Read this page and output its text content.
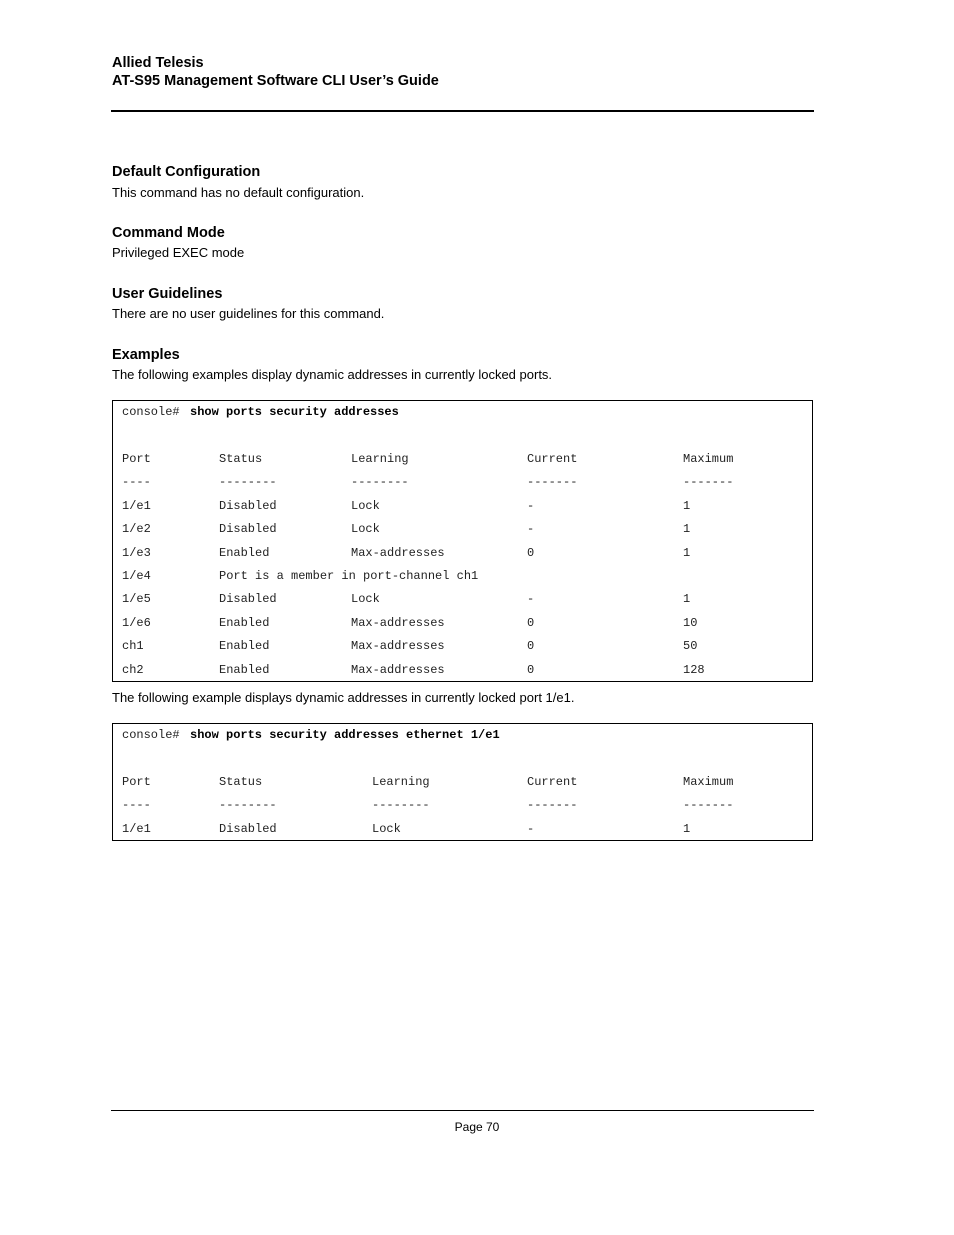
Allied Telesis
AT-S95 Management Software CLI User’s Guide
Default Configuration
This command has no default configuration.
Command Mode
Privileged EXEC mode
User Guidelines
There are no user guidelines for this command.
Examples
The following examples display dynamic addresses in currently locked ports.
console# show ports security addresses
Port	Status	Learning	Current	Maximum
----	--------	--------	-------	-------
1/e1	Disabled	Lock	-	1
1/e2	Disabled	Lock	-	1
1/e3	Enabled	Max-addresses	0	1
1/e4	Port is a member in port-channel ch1
1/e5	Disabled	Lock	-	1
1/e6	Enabled	Max-addresses	0	10
ch1	Enabled	Max-addresses	0	50
ch2	Enabled	Max-addresses	0	128
The following example displays dynamic addresses in currently locked port 1/e1.
console# show ports security addresses ethernet 1/e1
Port	Status	Learning	Current	Maximum
----	--------	--------	-------	-------
1/e1	Disabled	Lock	-	1
Page 70
